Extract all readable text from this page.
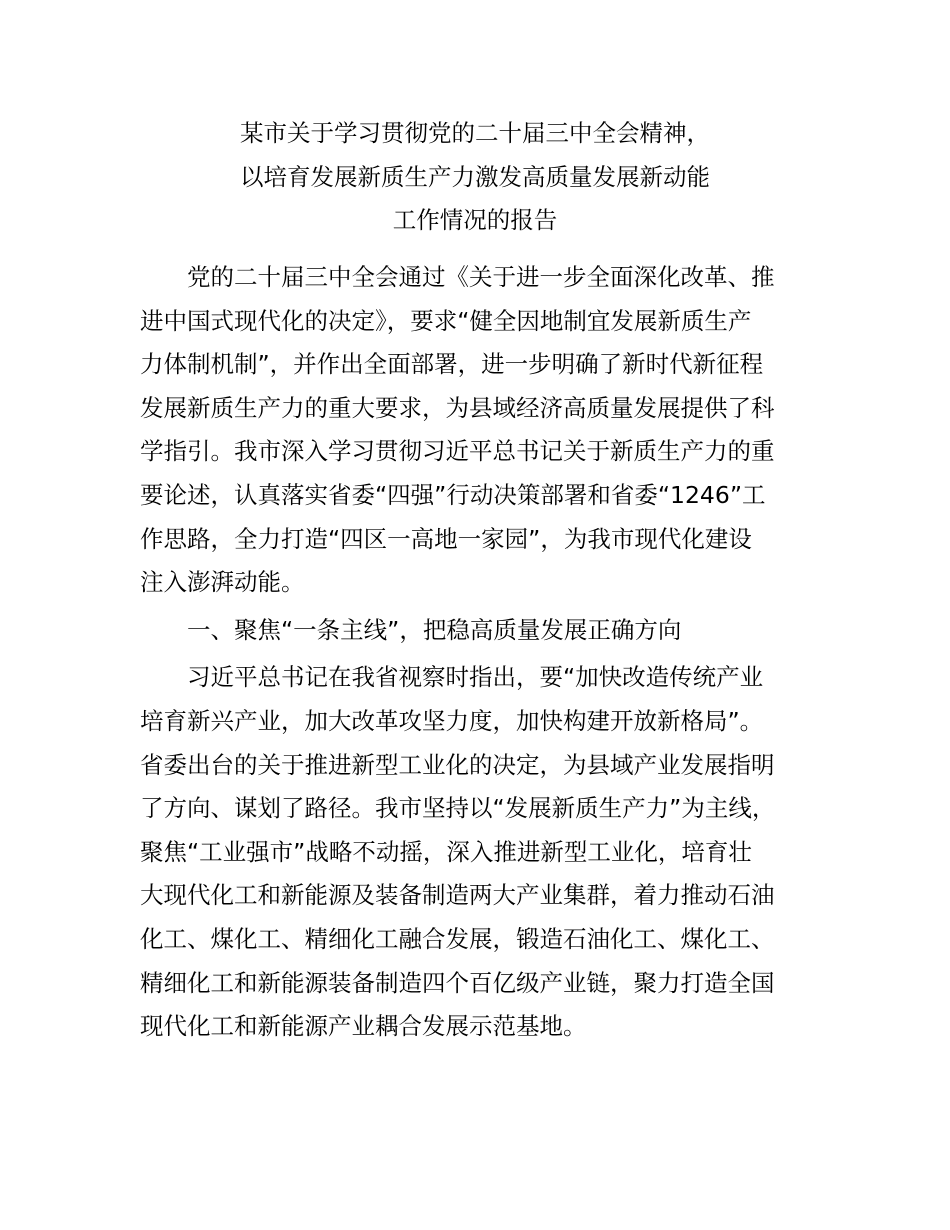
某市关于学习贯彻党的二十届三中全会精神，
以培育发展新质生产力激发高质量发展新动能
工作情况的报告
党的二十届三中全会通过《关于进一步全面深化改革、推
进中国式现代化的决定》，要求“健全因地制宜发展新质生产
力体制机制”，并作出全面部署，进一步明确了新时代新征程
发展新质生产力的重大要求，为县域经济高质量发展提供了科
学指引。我市深入学习贯彻习近平总书记关于新质生产力的重
要论述，认真落实省委“四强”行动决策部署和省委“1246”工
作思路，全力打造“四区一高地一家园”，为我市现代化建设
注入澎湃动能。
一、聚焦“一条主线”，把稳高质量发展正确方向
习近平总书记在我省视察时指出，要“加快改造传统产业
培育新兴产业，加大改革攻坚力度，加快构建开放新格局”。
省委出台的关于推进新型工业化的决定，为县域产业发展指明
了方向、谋划了路径。我市坚持以“发展新质生产力”为主线，
聚焦“工业强市”战略不动摇，深入推进新型工业化，培育壮
大现代化工和新能源及装备制造两大产业集群，着力推动石油
化工、煤化工、精细化工融合发展，锻造石油化工、煤化工、
精细化工和新能源装备制造四个百亿级产业链，聚力打造全国
现代化工和新能源产业耦合发展示范基地。
